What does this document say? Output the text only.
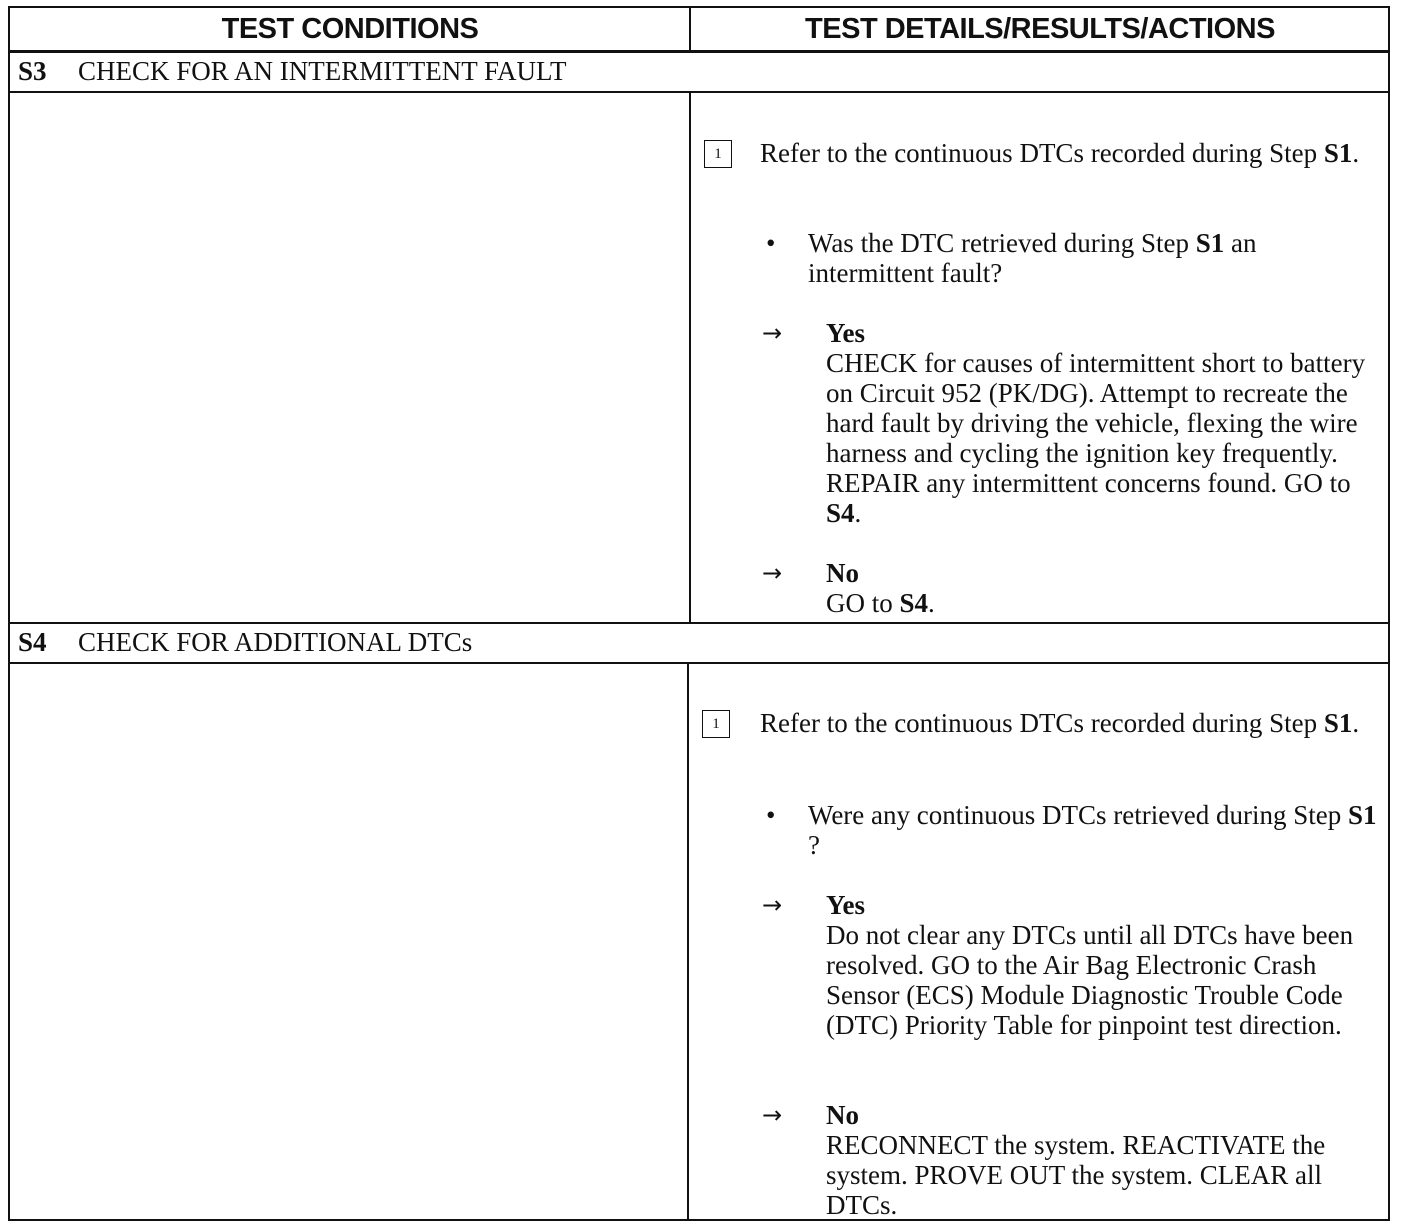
TEST CONDITIONS	TEST DETAILS/RESULTS/ACTIONS
S3 CHECK FOR AN INTERMITTENT FAULT
1	Refer to the continuous DTCs recorded during Step S1.
• Was the DTC retrieved during Step S1 an intermittent fault?
→ Yes
CHECK for causes of intermittent short to battery on Circuit 952 (PK/DG). Attempt to recreate the hard fault by driving the vehicle, flexing the wire harness and cycling the ignition key frequently. REPAIR any intermittent concerns found. GO to S4.
→ No
GO to S4.
S4 CHECK FOR ADDITIONAL DTCs
1	Refer to the continuous DTCs recorded during Step S1.
• Were any continuous DTCs retrieved during Step S1 ?
→ Yes
Do not clear any DTCs until all DTCs have been resolved. GO to the Air Bag Electronic Crash Sensor (ECS) Module Diagnostic Trouble Code (DTC) Priority Table for pinpoint test direction.
→ No
RECONNECT the system. REACTIVATE the system. PROVE OUT the system. CLEAR all DTCs.
